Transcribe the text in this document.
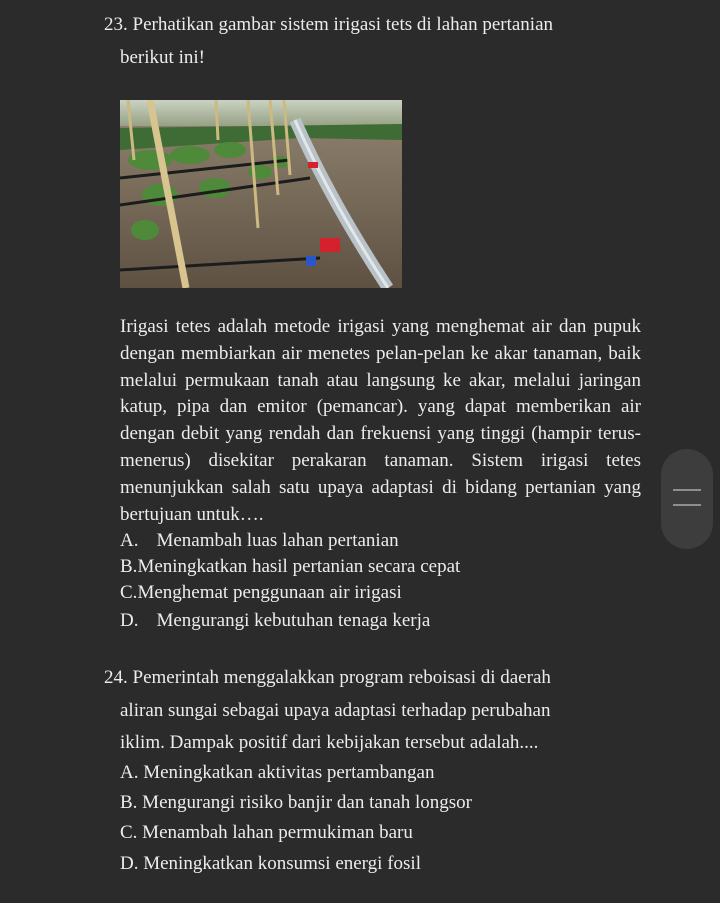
23. Perhatikan gambar sistem irigasi tets di lahan pertanian
berikut ini!
Irigasi tetes adalah metode irigasi yang menghemat air dan pupuk dengan membiarkan air menetes pelan-pelan ke akar tanaman, baik melalui permukaan tanah atau langsung ke akar, melalui jaringan katup, pipa dan emitor (pemancar). yang dapat memberikan air dengan debit yang rendah dan frekuensi yang tinggi (hampir terus-menerus) disekitar perakaran tanaman. Sistem irigasi tetes menunjukkan salah satu upaya adaptasi di bidang pertanian yang bertujuan untuk….
A. Menambah luas lahan pertanian
B.Meningkatkan hasil pertanian secara cepat
C.Menghemat penggunaan air irigasi
D. Mengurangi kebutuhan tenaga kerja
24. Pemerintah menggalakkan program reboisasi di daerah
aliran sungai sebagai upaya adaptasi terhadap perubahan
iklim. Dampak positif dari kebijakan tersebut adalah....
A. Meningkatkan aktivitas pertambangan
B. Mengurangi risiko banjir dan tanah longsor
C. Menambah lahan permukiman baru
D. Meningkatkan konsumsi energi fosil
